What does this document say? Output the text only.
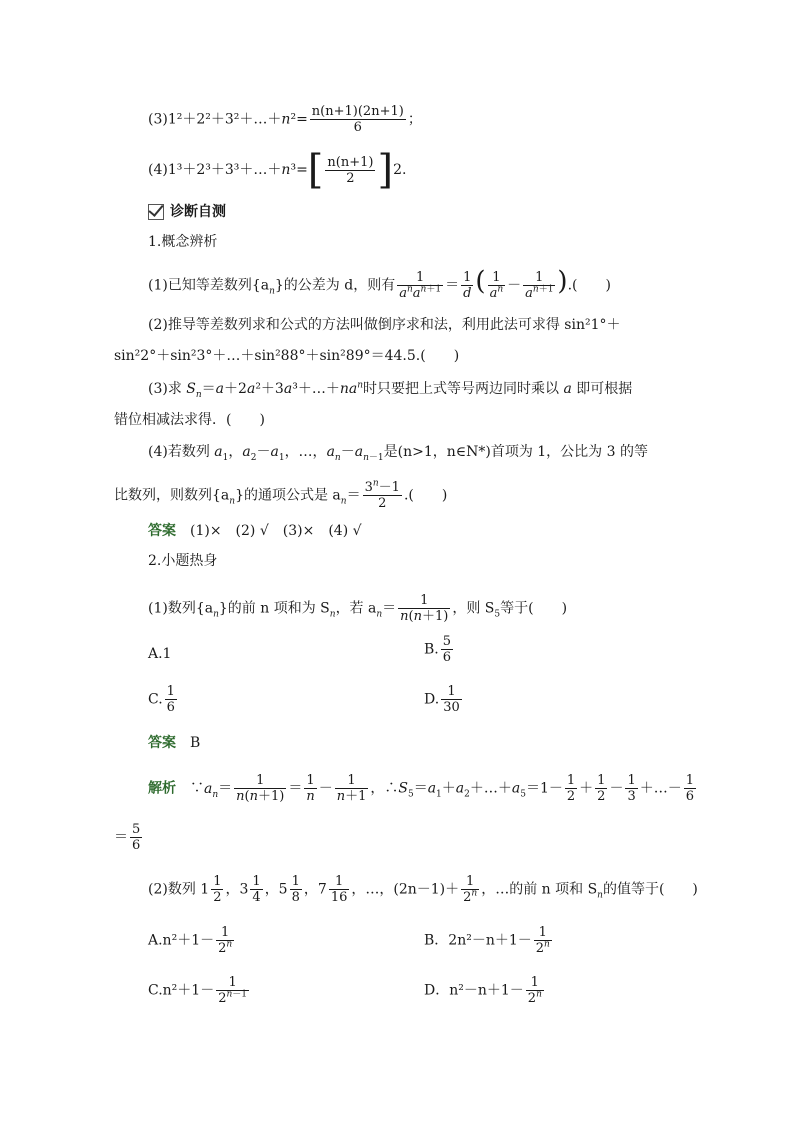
(3)1²＋2²＋3²＋…＋n²= $\frac{n(n+1)(2n+1)}{6}$ ；
(4)1³＋2³＋3³＋…＋n³=[ $\frac{n(n+1)}{2} ]2$.
诊断自测
1.概念辨析
(1)已知等差数列$\{a_n\}$的公差为 d，则有 $\frac{1}{a^na^{n+1}} = \frac{1}{d}$ ( $\frac{1}{a^n} - \frac{1}{a^{n+1}}$ ).(　　)
(2)推导等差数列求和公式的方法叫做倒序求和法，利用此法可求得 sin²1°＋
sin²2°＋sin²3°＋…＋sin²88°＋sin²89°＝44.5.(　　)
(3)求 $S_n=a+2a^2+3a^3+\dots+na^n$时只要把上式等号两边同时乘以 a 即可根据
错位相减法求得．(　　)
(4)若数列 $a_1$，$a_2-a_1$，…，$a_n-a_{n-1}$是(n>1，n∈N*)首项为 1，公比为 3 的等
比数列，则数列$\{a_n\}$的通项公式是 $a_n= \frac{3^n-1}{2}$ .(　　)
答案　 (1)×　(2) √　(3)×　(4) √
2.小题热身
(1)数列$\{a_n\}$的前 n 项和为 $S_n$，若 $a_n= \frac{1}{n(n+1)}$ ，则 $S_5$等于(　　)
A.1	B. $\frac{5}{6}$
C. $\frac{1}{6}$	D. $\frac{1}{30}$
答案　 B
解析　$\because a_n= \frac{1}{n(n+1)} = \frac{1}{n} - \frac{1}{n+1}$ ，$\therefore S_5=a_1+a_2+\dots+a_5=1- \frac{1}{2} + \frac{1}{2} - \frac{1}{3}$ ＋…－ $\frac{1}{6}$
＝ $\frac{5}{6}$
(2)数列 $1 \frac{1}{2}$ ，$3 \frac{1}{4}$ ，$5 \frac{1}{8}$ ，$7 \frac{1}{16}$ ，…，$(2n-1)+ \frac{1}{2^n}$ ，…的前 n 项和 $S_n$的值等于(　　)
$A.n^2+1- \frac{1}{2^n}$	B．$2n^2-n+1- \frac{1}{2^n}$
$C.n^2+1- \frac{1}{2^{n-1}}$	D．$n^2-n+1- \frac{1}{2^n}$
